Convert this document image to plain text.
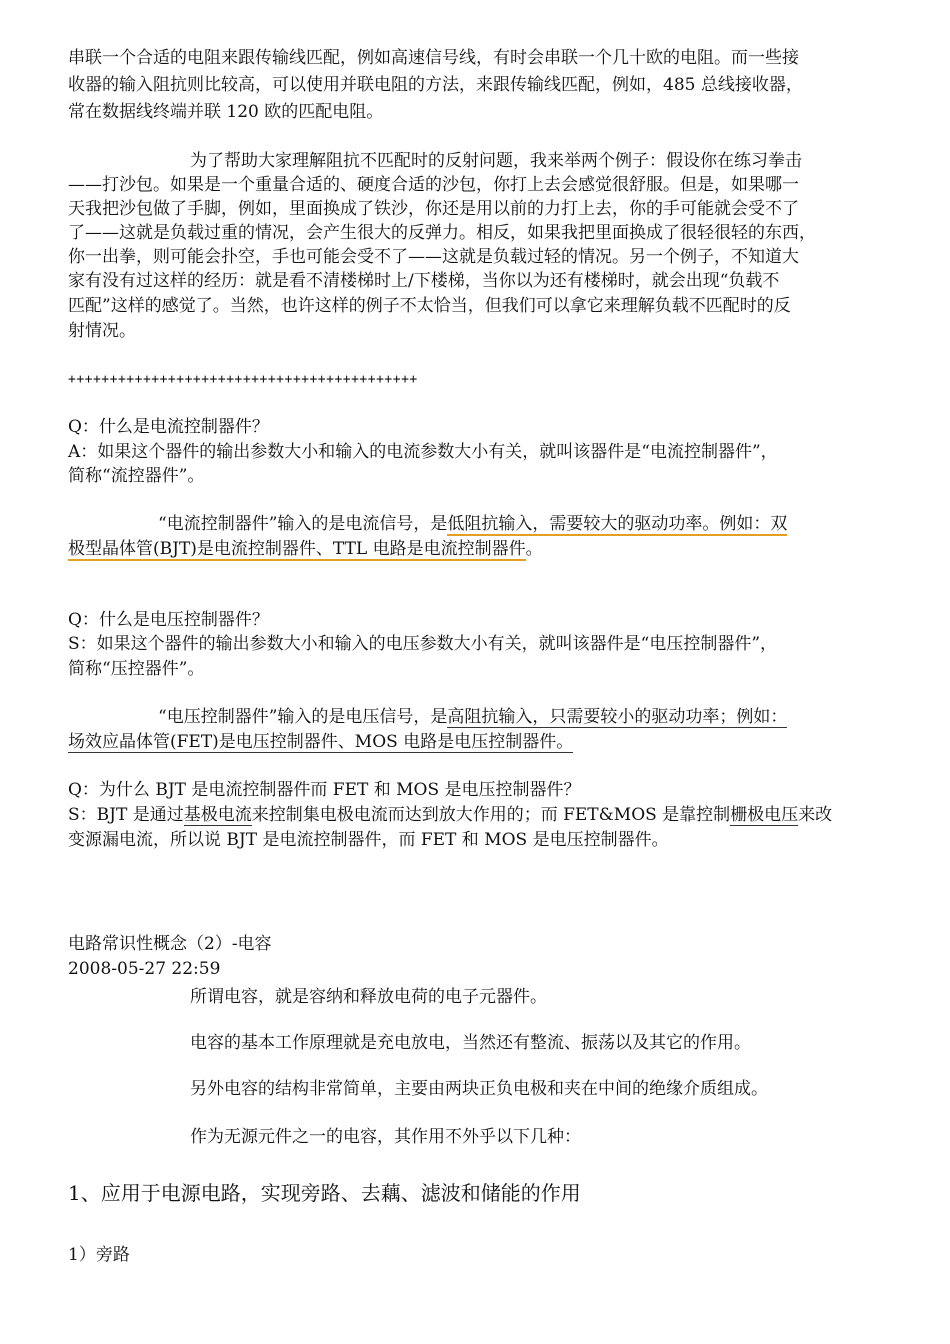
串联一个合适的电阻来跟传输线匹配，例如高速信号线，有时会串联一个几十欧的电阻。而一些接
收器的输入阻抗则比较高，可以使用并联电阻的方法，来跟传输线匹配，例如，485 总线接收器，
常在数据线终端并联 120 欧的匹配电阻。
为了帮助大家理解阻抗不匹配时的反射问题，我来举两个例子：假设你在练习拳击
——打沙包。如果是一个重量合适的、硬度合适的沙包，你打上去会感觉很舒服。但是，如果哪一
天我把沙包做了手脚，例如，里面换成了铁沙，你还是用以前的力打上去，你的手可能就会受不了
了——这就是负载过重的情况，会产生很大的反弹力。相反，如果我把里面换成了很轻很轻的东西，
你一出拳，则可能会扑空，手也可能会受不了——这就是负载过轻的情况。另一个例子，不知道大
家有没有过这样的经历：就是看不清楼梯时上/下楼梯，当你以为还有楼梯时，就会出现“负载不
匹配”这样的感觉了。当然，也许这样的例子不太恰当，但我们可以拿它来理解负载不匹配时的反
射情况。
++++++++++++++++++++++++++++++++++++++++++
Q：什么是电流控制器件？
A：如果这个器件的输出参数大小和输入的电流参数大小有关，就叫该器件是“电流控制器件”，
简称“流控器件”。
“电流控制器件”输入的是电流信号，是低阻抗输入，需要较大的驱动功率。例如：双
极型晶体管(BJT)是电流控制器件、TTL 电路是电流控制器件。
Q：什么是电压控制器件？
S：如果这个器件的输出参数大小和输入的电压参数大小有关，就叫该器件是“电压控制器件”，
简称“压控器件”。
“电压控制器件”输入的是电压信号，是高阻抗输入，只需要较小的驱动功率；例如：
场效应晶体管(FET)是电压控制器件、MOS 电路是电压控制器件。
Q：为什么 BJT 是电流控制器件而 FET 和 MOS 是电压控制器件？
S：BJT 是通过基极电流来控制集电极电流而达到放大作用的；而 FET&MOS 是靠控制栅极电压来改
变源漏电流，所以说 BJT 是电流控制器件，而 FET 和 MOS 是电压控制器件。
电路常识性概念（2）-电容
2008-05-27 22:59
所谓电容，就是容纳和释放电荷的电子元器件。
电容的基本工作原理就是充电放电，当然还有整流、振荡以及其它的作用。
另外电容的结构非常简单，主要由两块正负电极和夹在中间的绝缘介质组成。
作为无源元件之一的电容，其作用不外乎以下几种：
1、应用于电源电路，实现旁路、去藕、滤波和储能的作用
1）旁路
